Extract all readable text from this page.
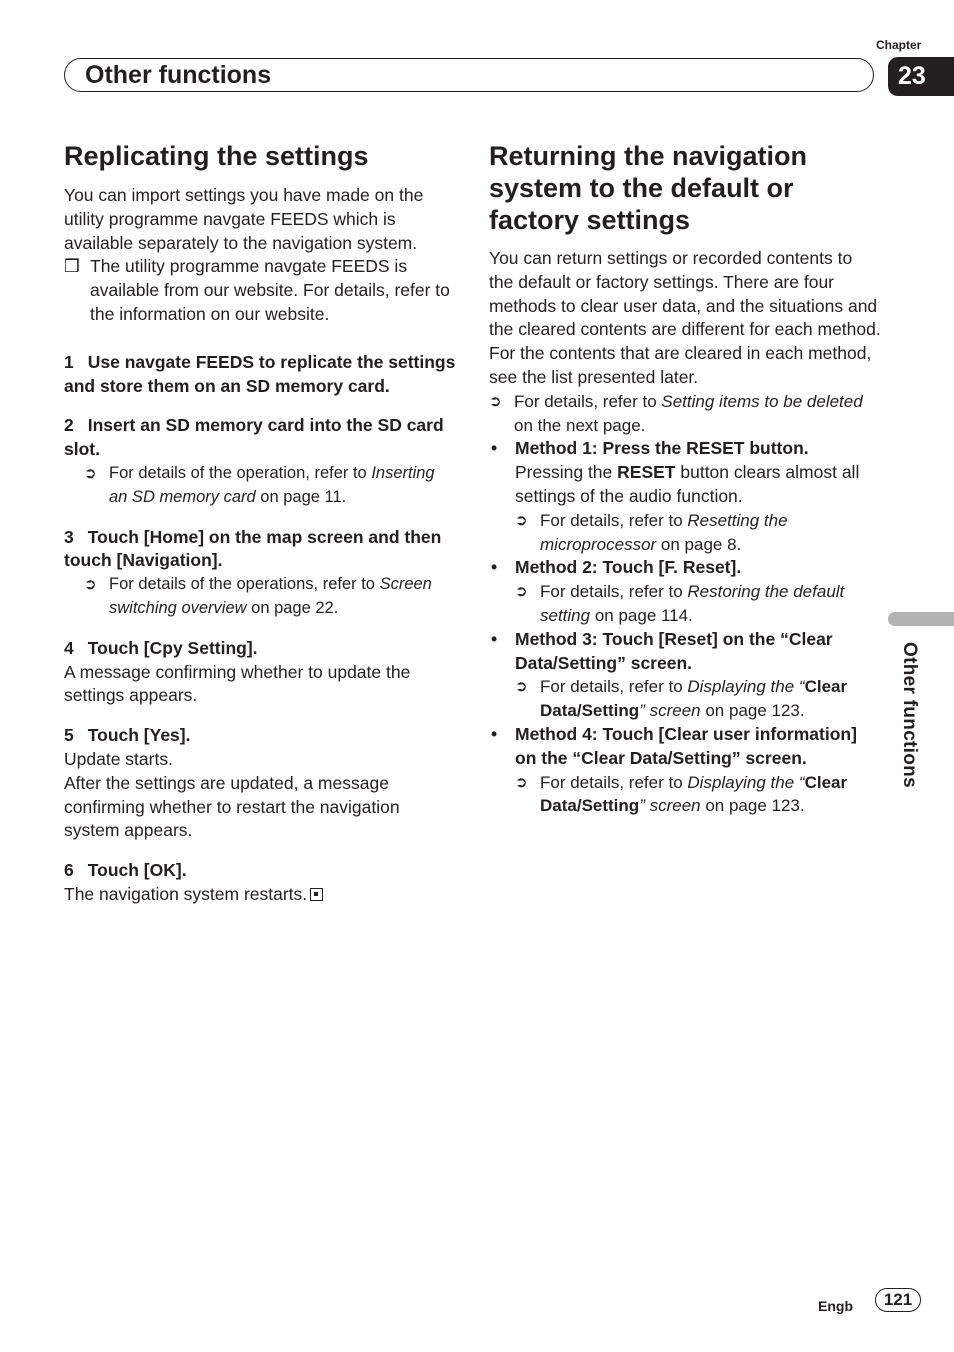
Chapter
23
Other functions
Other functions
Replicating the settings

You can import settings you have made on the utility programme navgate FEEDS which is available separately to the navigation system.

❒ The utility programme navgate FEEDS is available from our website. For details, refer to the information on our website.
1 Use navgate FEEDS to replicate the settings and store them on an SD memory card.
2 Insert an SD memory card into the SD card slot.
➲ For details of the operation, refer to Inserting an SD memory card on page 11.
3 Touch [Home] on the map screen and then touch [Navigation].
➲ For details of the operations, refer to Screen switching overview on page 22.
4 Touch [Cpy Setting].

A message confirming whether to update the settings appears.

5 Touch [Yes].

Update starts.

After the settings are updated, a message confirming whether to restart the navigation system appears.

6 Touch [OK].

The navigation system restarts.

Returning the navigation system to the default or factory settings

You can return settings or recorded contents to the default or factory settings. There are four methods to clear user data, and the situations and the cleared contents are different for each method. For the contents that are cleared in each method, see the list presented later.

➲ For details, refer to Setting items to be deleted on the next page.
• Method 1: Press the RESET button.

Pressing the RESET button clears almost all settings of the audio function.

➲ For details, refer to Resetting the microprocessor on page 8.
• Method 2: Touch [F. Reset].
➲ For details, refer to Restoring the default setting on page 114.
• Method 3: Touch [Reset] on the “Clear Data/Setting” screen.
➲ For details, refer to Displaying the “Clear Data/Setting” screen on page 123.
• Method 4: Touch [Clear user information] on the “Clear Data/Setting” screen.
➲ For details, refer to Displaying the “Clear Data/Setting” screen on page 123.
Engb	121
